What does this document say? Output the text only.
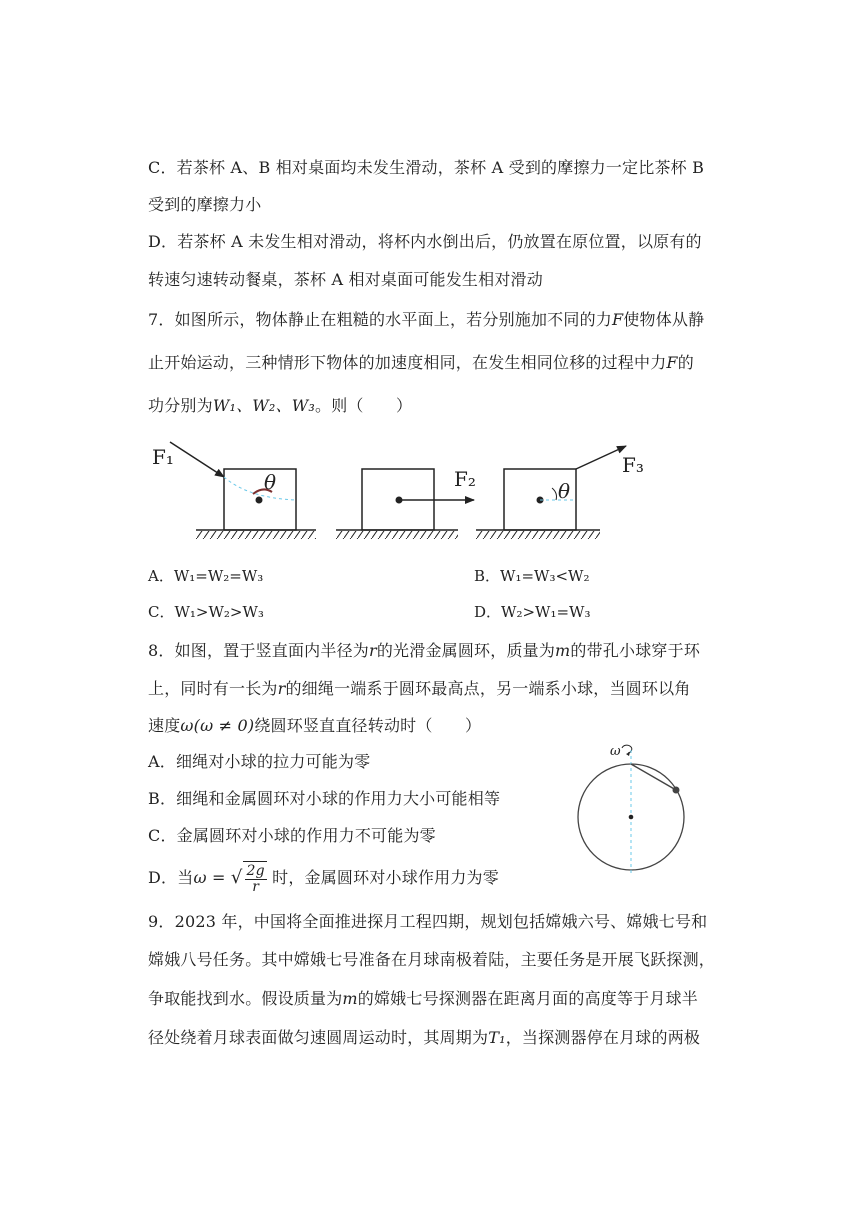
C．若茶杯 A、B 相对桌面均未发生滑动，茶杯 A 受到的摩擦力一定比茶杯 B
受到的摩擦力小
D．若茶杯 A 未发生相对滑动，将杯内水倒出后，仍放置在原位置，以原有的
转速匀速转动餐桌，茶杯 A 相对桌面可能发生相对滑动
7．如图所示，物体静止在粗糙的水平面上，若分别施加不同的力F使物体从静
止开始运动，三种情形下物体的加速度相同，在发生相同位移的过程中力F的
功分别为W₁、W₂、W₃。则（　　）
F₁
θ	F₂	θ
F₃
A．W₁=W₂=W₃	B．W₁=W₃<W₂
C．W₁>W₂>W₃	D．W₂>W₁=W₃
8．如图，置于竖直面内半径为r的光滑金属圆环，质量为m的带孔小球穿于环
上，同时有一长为r的细绳一端系于圆环最高点，另一端系小球，当圆环以角
速度ω(ω ≠ 0)绕圆环竖直直径转动时（　　）
A．细绳对小球的拉力可能为零
B．细绳和金属圆环对小球的作用力大小可能相等
C．金属圆环对小球的作用力不可能为零
D．当ω = √ $\frac{2g}{r}$ 时，金属圆环对小球作用力为零
ω
9．2023 年，中国将全面推进探月工程四期，规划包括嫦娥六号、嫦娥七号和
嫦娥八号任务。其中嫦娥七号准备在月球南极着陆，主要任务是开展飞跃探测，
争取能找到水。假设质量为m的嫦娥七号探测器在距离月面的高度等于月球半
径处绕着月球表面做匀速圆周运动时，其周期为T₁，当探测器停在月球的两极
